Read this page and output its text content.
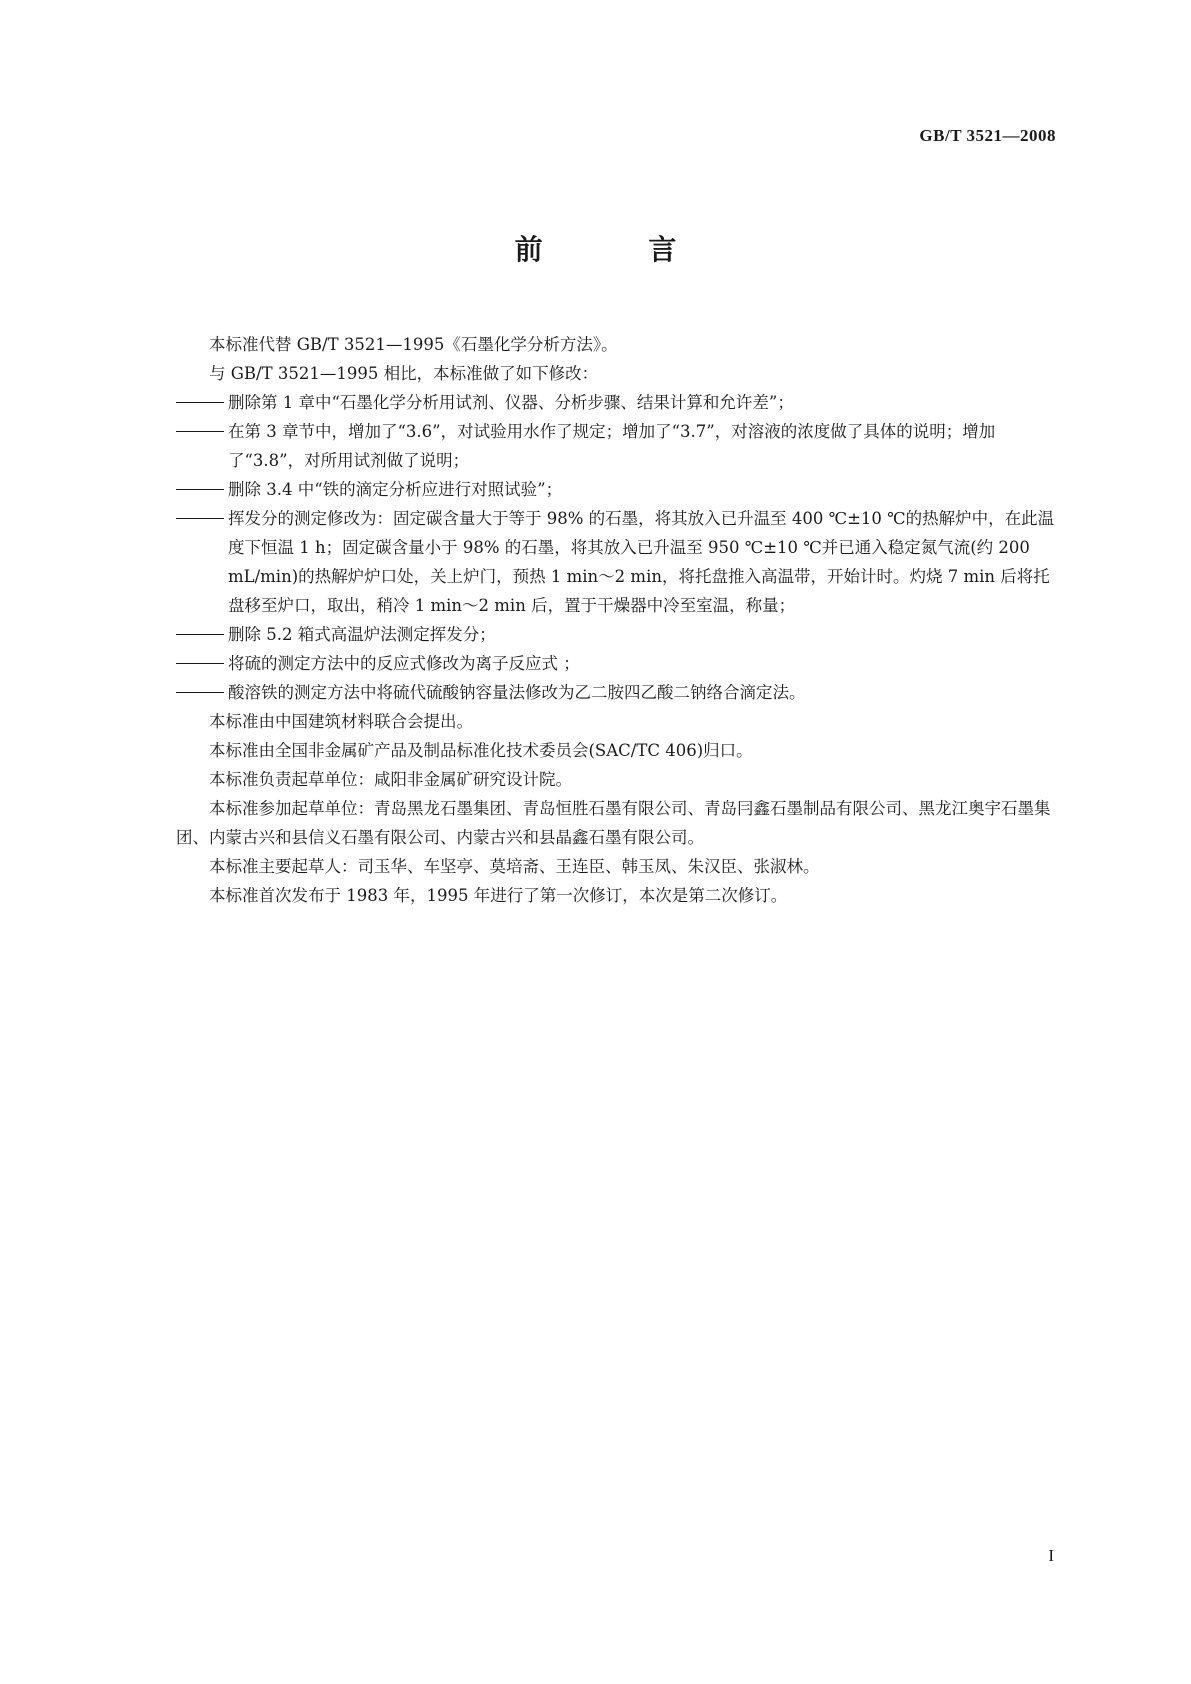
GB/T 3521—2008
前 言

本标准代替 GB/T 3521—1995《石墨化学分析方法》。

与 GB/T 3521—1995 相比，本标准做了如下修改：

删除第 1 章中“石墨化学分析用试剂、仪器、分析步骤、结果计算和允许差”；
在第 3 章节中，增加了“3.6”，对试验用水作了规定；增加了“3.7”，对溶液的浓度做了具体的说明；增加了“3.8”，对所用试剂做了说明；
删除 3.4 中“铁的滴定分析应进行对照试验”；
挥发分的测定修改为：固定碳含量大于等于 98% 的石墨，将其放入已升温至 400 ℃±10 ℃的热解炉中，在此温度下恒温 1 h；固定碳含量小于 98% 的石墨，将其放入已升温至 950 ℃±10 ℃并已通入稳定氮气流(约 200 mL/min)的热解炉炉口处，关上炉门，预热 1 min～2 min，将托盘推入高温带，开始计时。灼烧 7 min 后将托盘移至炉口，取出，稍冷 1 min～2 min 后，置于干燥器中冷至室温，称量；
删除 5.2 箱式高温炉法测定挥发分；
将硫的测定方法中的反应式修改为离子反应式 ；
酸溶铁的测定方法中将硫代硫酸钠容量法修改为乙二胺四乙酸二钠络合滴定法。

本标准由中国建筑材料联合会提出。

本标准由全国非金属矿产品及制品标准化技术委员会(SAC/TC 406)归口。

本标准负责起草单位：咸阳非金属矿研究设计院。

本标准参加起草单位：青岛黑龙石墨集团、青岛恒胜石墨有限公司、青岛冃鑫石墨制品有限公司、黑龙江奥宇石墨集团、内蒙古兴和县信义石墨有限公司、内蒙古兴和县晶鑫石墨有限公司。

本标准主要起草人：司玉华、车坚亭、莫培斋、王连臣、韩玉凤、朱汉臣、张淑林。

本标准首次发布于 1983 年，1995 年进行了第一次修订，本次是第二次修订。

I
